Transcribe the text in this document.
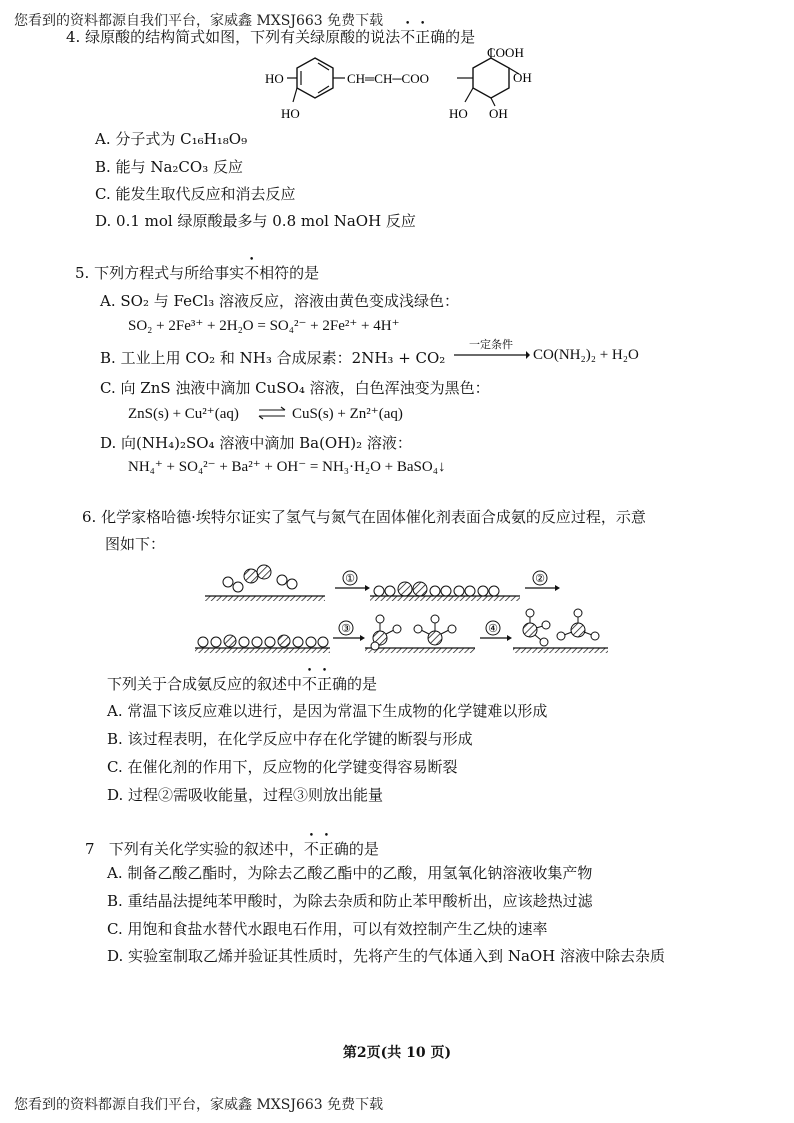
您看到的资料都源自我们平台，家威鑫 MXSJ663 免费下载
4. 绿原酸的结构简式如图，下列有关绿原酸的说法不正确的是
HO
HO
CH═CH─COO
COOH
OH
HO OH
A. 分子式为 C₁₆H₁₈O₉
B. 能与 Na₂CO₃ 反应
C. 能发生取代反应和消去反应
D. 0.1 mol 绿原酸最多与 0.8 mol NaOH 反应
5. 下列方程式与所给事实不相符的是
A. SO₂ 与 FeCl₃ 溶液反应，溶液由黄色变成浅绿色：
SO₂ + 2Fe³⁺ + 2H₂O = SO₄²⁻ + 2Fe²⁺ + 4H⁺
B. 工业上用 CO₂ 和 NH₃ 合成尿素：2NH₃ + CO₂
一定条件
CO(NH₂)₂ + H₂O
C. 向 ZnS 浊液中滴加 CuSO₄ 溶液，白色浑浊变为黑色：
ZnS(s) + Cu²⁺(aq) ⇌ CuS(s) + Zn²⁺(aq)
D. 向(NH₄)₂SO₄ 溶液中滴加 Ba(OH)₂ 溶液：
NH₄⁺ + SO₄²⁻ + Ba²⁺ + OH⁻ = NH₃·H₂O + BaSO₄↓
6. 化学家格哈德·埃特尔证实了氢气与氮气在固体催化剂表面合成氨的反应过程，示意
图如下：
①	②
③	④
下列关于合成氨反应的叙述中不正确的是
A. 常温下该反应难以进行，是因为常温下生成物的化学键难以形成
B. 该过程表明，在化学反应中存在化学键的断裂与形成
C. 在催化剂的作用下，反应物的化学键变得容易断裂
D. 过程②需吸收能量，过程③则放出能量
7 下列有关化学实验的叙述中，不正确的是
A. 制备乙酸乙酯时，为除去乙酸乙酯中的乙酸，用氢氧化钠溶液收集产物
B. 重结晶法提纯苯甲酸时，为除去杂质和防止苯甲酸析出，应该趁热过滤
C. 用饱和食盐水替代水跟电石作用，可以有效控制产生乙炔的速率
D. 实验室制取乙烯并验证其性质时，先将产生的气体通入到 NaOH 溶液中除去杂质
第2页(共 10 页)
您看到的资料都源自我们平台，家威鑫 MXSJ663 免费下载
